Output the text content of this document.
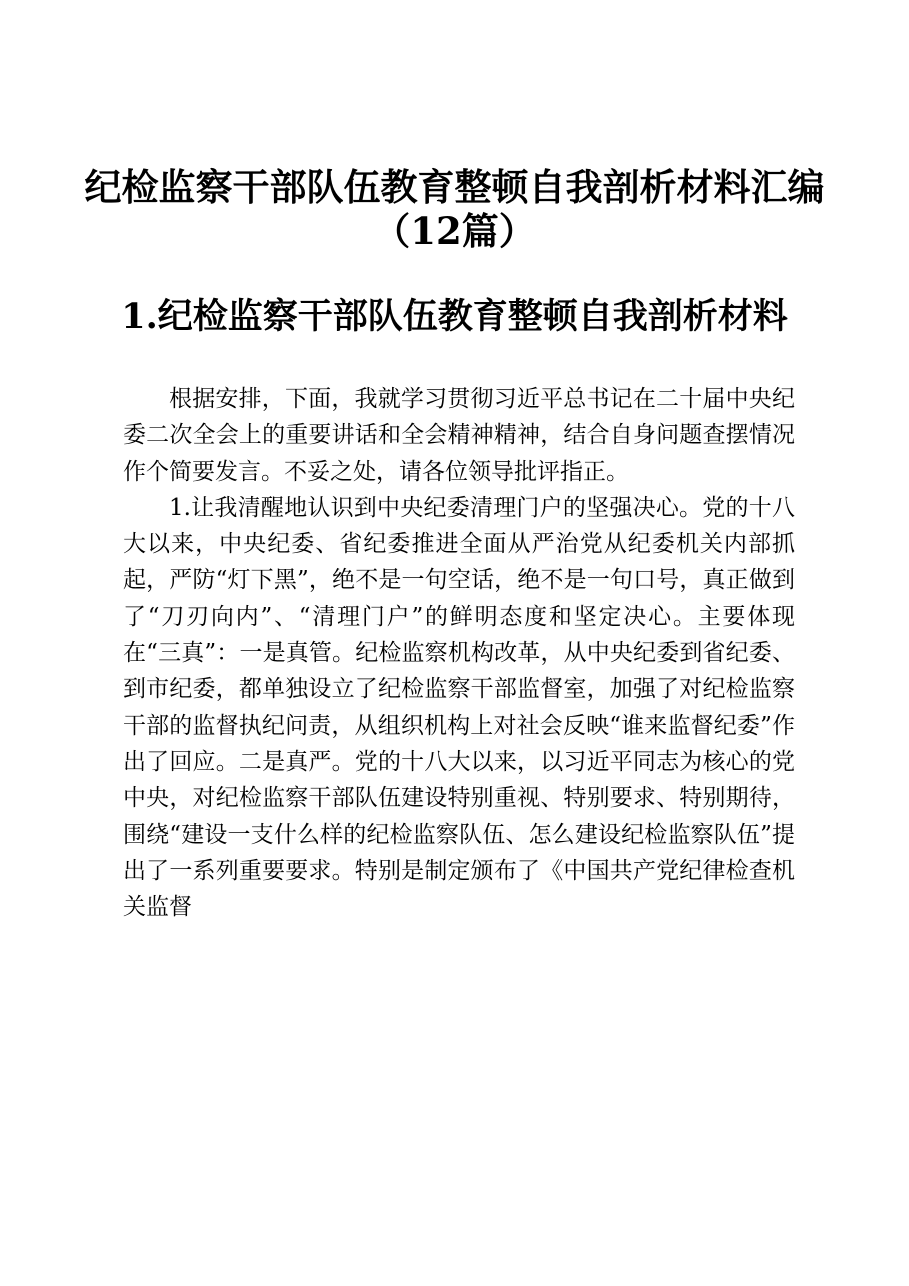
纪检监察干部队伍教育整顿自我剖析材料汇编
（12篇）
1.纪检监察干部队伍教育整顿自我剖析材料

根据安排，下面，我就学习贯彻习近平总书记在二十届中央纪委二次全会上的重要讲话和全会精神精神，结合自身问题查摆情况作个简要发言。不妥之处，请各位领导批评指正。

1.让我清醒地认识到中央纪委清理门户的坚强决心。党的十八大以来，中央纪委、省纪委推进全面从严治党从纪委机关内部抓起，严防“灯下黑”，绝不是一句空话，绝不是一句口号，真正做到了“刀刃向内”、“清理门户”的鲜明态度和坚定决心。主要体现在“三真”：一是真管。纪检监察机构改革，从中央纪委到省纪委、到市纪委，都单独设立了纪检监察干部监督室，加强了对纪检监察干部的监督执纪问责，从组织机构上对社会反映“谁来监督纪委”作出了回应。二是真严。党的十八大以来，以习近平同志为核心的党中央，对纪检监察干部队伍建设特别重视、特别要求、特别期待，围绕“建设一支什么样的纪检监察队伍、怎么建设纪检监察队伍”提出了一系列重要要求。特别是制定颁布了《中国共产党纪律检查机关监督
